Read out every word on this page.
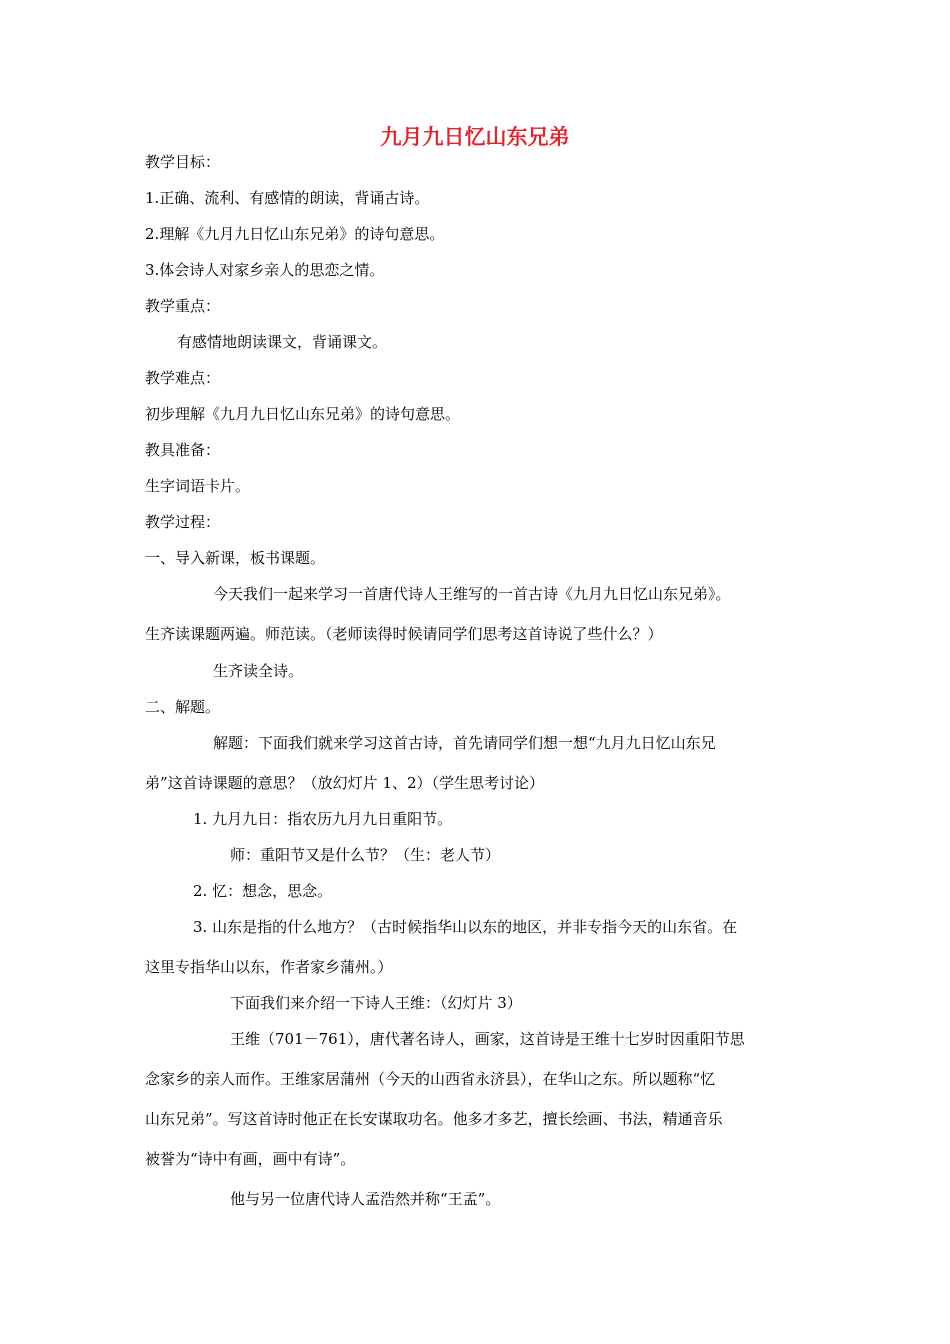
九月九日忆山东兄弟
教学目标：
1.正确、流利、有感情的朗读，背诵古诗。
2.理解《九月九日忆山东兄弟》的诗句意思。
3.体会诗人对家乡亲人的思恋之情。
教学重点：
有感情地朗读课文，背诵课文。
教学难点：
初步理解《九月九日忆山东兄弟》的诗句意思。
教具准备：
生字词语卡片。
教学过程：
一、导入新课，板书课题。
今天我们一起来学习一首唐代诗人王维写的一首古诗《九月九日忆山东兄弟》。
生齐读课题两遍。师范读。（老师读得时候请同学们思考这首诗说了些什么？）
生齐读全诗。
二、解题。
解题：下面我们就来学习这首古诗，首先请同学们想一想“九月九日忆山东兄
弟”这首诗课题的意思？（放幻灯片 1、2）（学生思考讨论）
1. 九月九日：指农历九月九日重阳节。
师：重阳节又是什么节？（生：老人节）
2. 忆：想念，思念。
3. 山东是指的什么地方？（古时候指华山以东的地区，并非专指今天的山东省。在
这里专指华山以东，作者家乡蒲州。）
下面我们来介绍一下诗人王维：（幻灯片 3）
王维（701－761），唐代著名诗人，画家，这首诗是王维十七岁时因重阳节思
念家乡的亲人而作。王维家居蒲州（今天的山西省永济县），在华山之东。所以题称“忆
山东兄弟”。写这首诗时他正在长安谋取功名。他多才多艺，擅长绘画、书法，精通音乐
被誉为“诗中有画，画中有诗”。
他与另一位唐代诗人孟浩然并称“王孟”。
